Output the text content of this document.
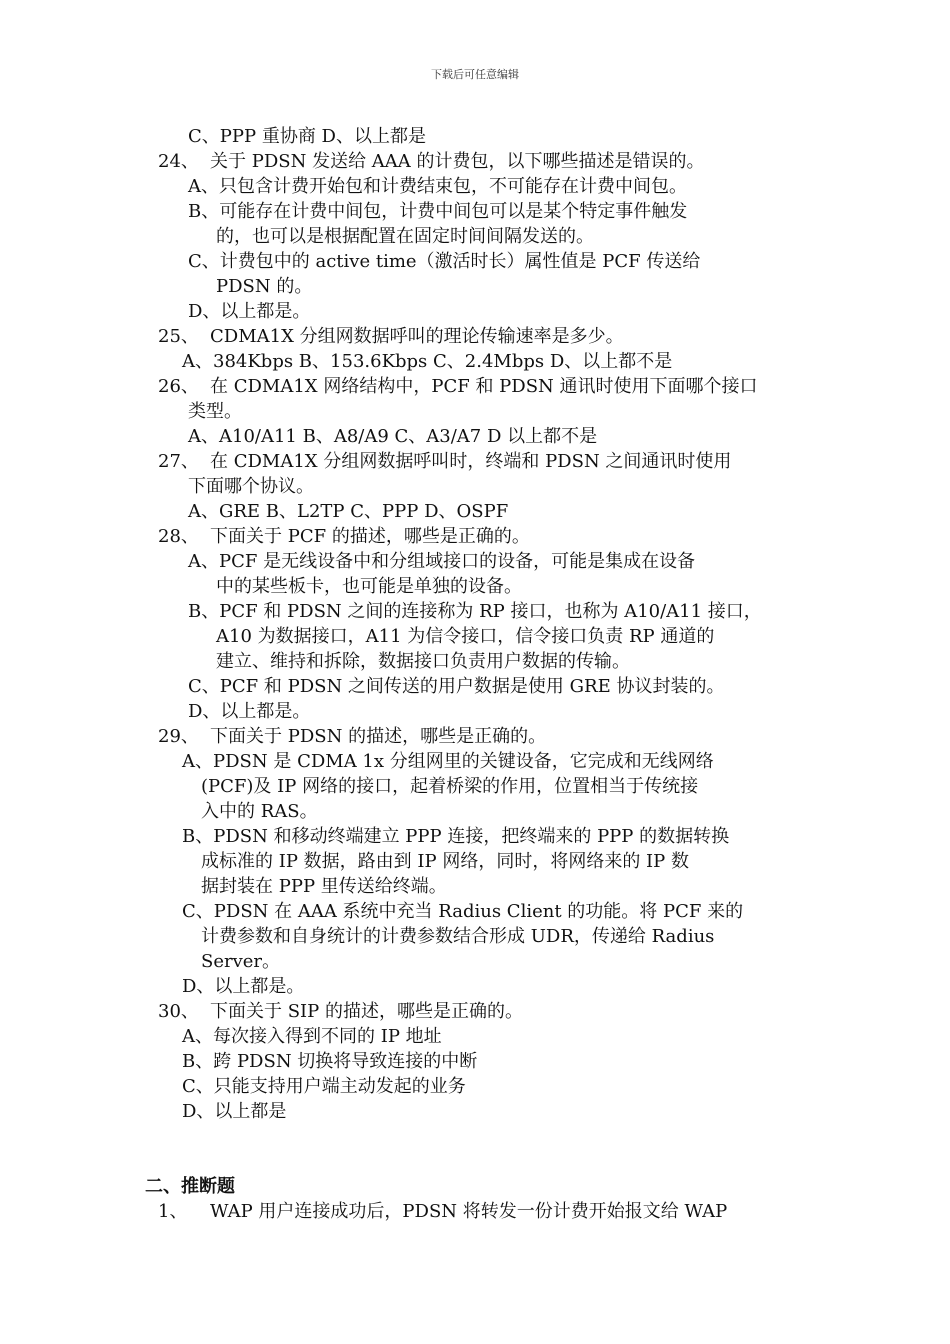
下载后可任意编辑
C、PPP 重协商 D、以上都是
24、 关于 PDSN 发送给 AAA 的计费包，以下哪些描述是错误的。
A、只包含计费开始包和计费结束包，不可能存在计费中间包。
B、可能存在计费中间包，计费中间包可以是某个特定事件触发
的，也可以是根据配置在固定时间间隔发送的。
C、计费包中的 active time（激活时长）属性值是 PCF 传送给
PDSN 的。
D、以上都是。
25、 CDMA1X 分组网数据呼叫的理论传输速率是多少。
A、384Kbps B、153.6Kbps C、2.4Mbps D、以上都不是
26、 在 CDMA1X 网络结构中，PCF 和 PDSN 通讯时使用下面哪个接口
类型。
A、A10/A11 B、A8/A9 C、A3/A7 D 以上都不是
27、 在 CDMA1X 分组网数据呼叫时，终端和 PDSN 之间通讯时使用
下面哪个协议。
A、GRE B、L2TP C、PPP D、OSPF
28、 下面关于 PCF 的描述，哪些是正确的。
A、PCF 是无线设备中和分组域接口的设备，可能是集成在设备
中的某些板卡，也可能是单独的设备。
B、PCF 和 PDSN 之间的连接称为 RP 接口，也称为 A10/A11 接口，
A10 为数据接口，A11 为信令接口，信令接口负责 RP 通道的
建立、维持和拆除，数据接口负责用户数据的传输。
C、PCF 和 PDSN 之间传送的用户数据是使用 GRE 协议封装的。
D、以上都是。
29、 下面关于 PDSN 的描述，哪些是正确的。
A、PDSN 是 CDMA 1x 分组网里的关键设备，它完成和无线网络
(PCF)及 IP 网络的接口，起着桥梁的作用，位置相当于传统接
入中的 RAS。
B、PDSN 和移动终端建立 PPP 连接，把终端来的 PPP 的数据转换
成标准的 IP 数据，路由到 IP 网络，同时，将网络来的 IP 数
据封装在 PPP 里传送给终端。
C、PDSN 在 AAA 系统中充当 Radius Client 的功能。将 PCF 来的
计费参数和自身统计的计费参数结合形成 UDR，传递给 Radius
Server。
D、以上都是。
30、 下面关于 SIP 的描述，哪些是正确的。
A、每次接入得到不同的 IP 地址
B、跨 PDSN 切换将导致连接的中断
C、只能支持用户端主动发起的业务
D、以上都是
二、推断题
1、 WAP 用户连接成功后，PDSN 将转发一份计费开始报文给 WAP
